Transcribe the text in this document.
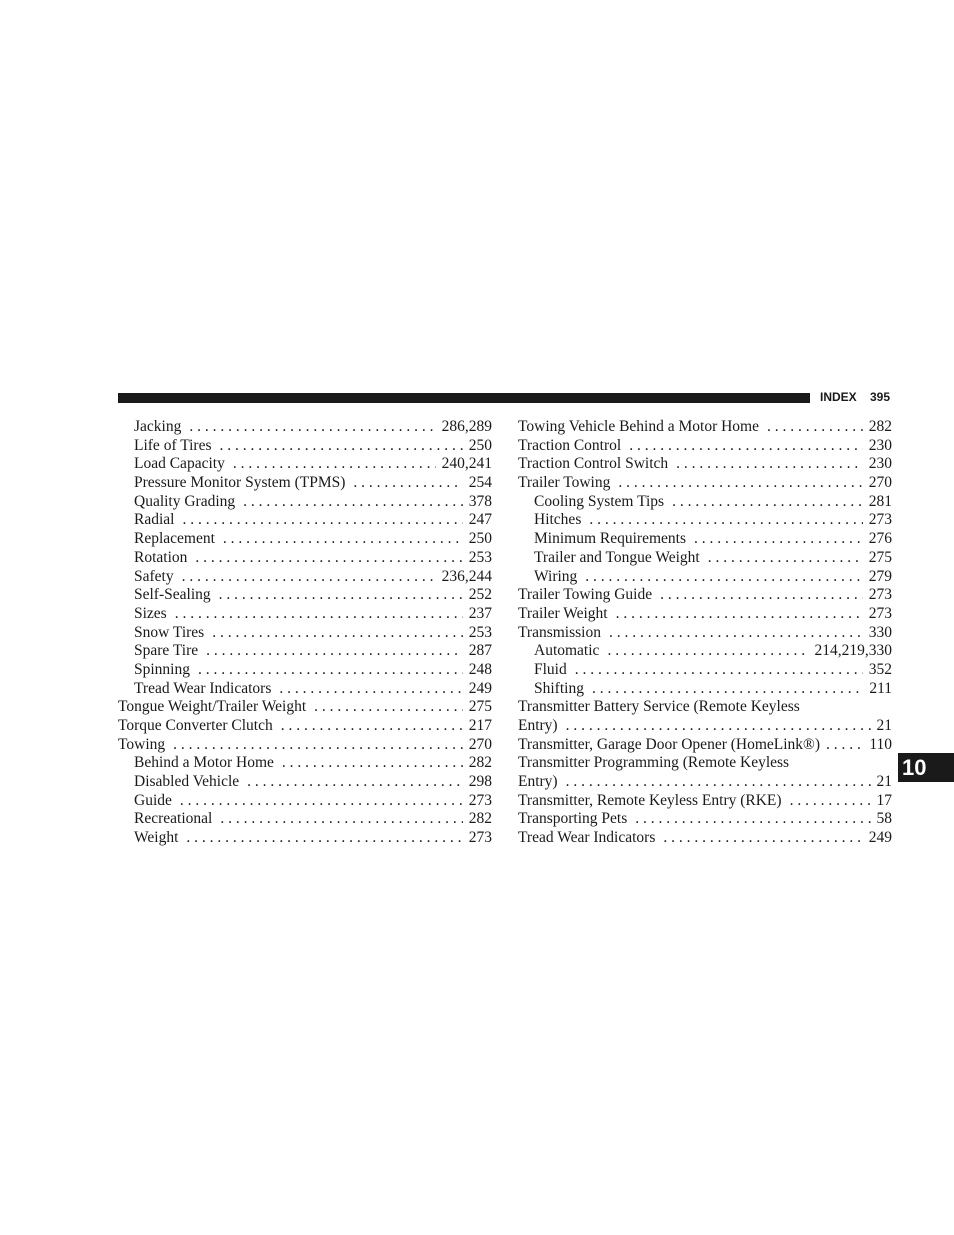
INDEX 395
Jacking . . .	286,289
Life of Tires . . .	250
Load Capacity . . .	240,241
Pressure Monitor System (TPMS) . . .	254
Quality Grading . . .	378
Radial . . .	247
Replacement . . .	250
Rotation . . .	253
Safety . . .	236,244
Self-Sealing . . .	252
Sizes . . .	237
Snow Tires . . .	253
Spare Tire . . .	287
Spinning . . .	248
Tread Wear Indicators . . .	249
Tongue Weight/Trailer Weight . . .	275
Torque Converter Clutch . . .	217
Towing . . .	270
Behind a Motor Home . . .	282
Disabled Vehicle . . .	298
Guide . . .	273
Recreational . . .	282
Weight . . .	273
Towing Vehicle Behind a Motor Home . . .	282
Traction Control . . .	230
Traction Control Switch . . .	230
Trailer Towing . . .	270
Cooling System Tips . . .	281
Hitches . . .	273
Minimum Requirements . . .	276
Trailer and Tongue Weight . . .	275
Wiring . . .	279
Trailer Towing Guide . . .	273
Trailer Weight . . .	273
Transmission . . .	330
Automatic . . .	214,219,330
Fluid . . .	352
Shifting . . .	211
Transmitter Battery Service (Remote Keyless
Entry) . . .	21
Transmitter, Garage Door Opener (HomeLink®) . . .	110
Transmitter Programming (Remote Keyless
Entry) . . .	21
Transmitter, Remote Keyless Entry (RKE) . . .	17
Transporting Pets . . .	58
Tread Wear Indicators . . .	249
10
